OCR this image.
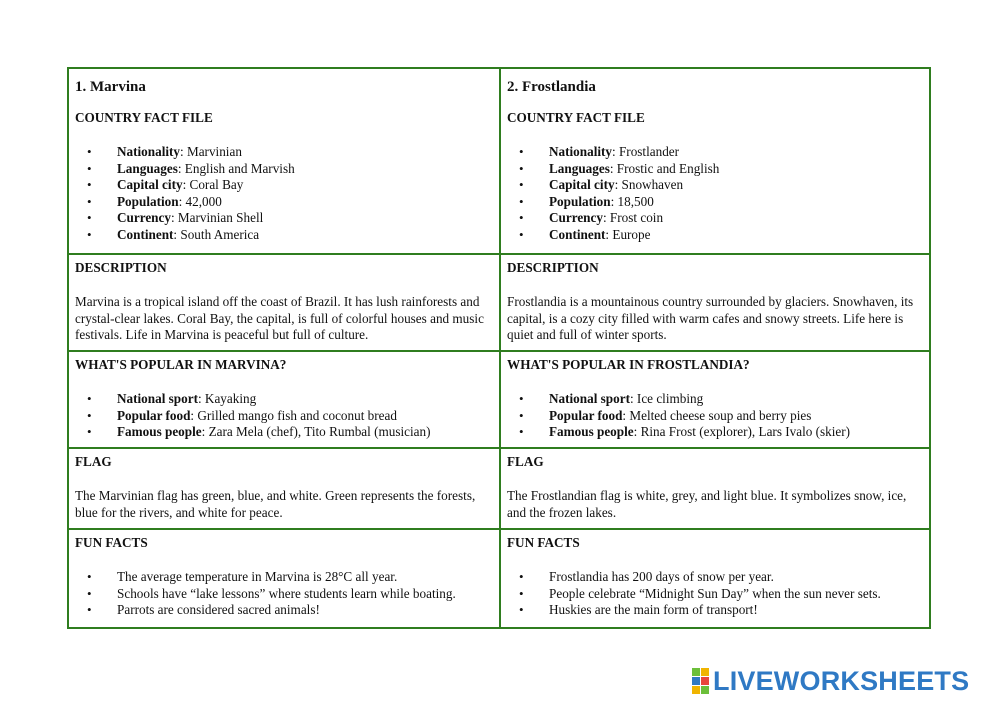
1. Marvina
COUNTRY FACT FILE
• Nationality: Marvinian
• Languages: English and Marvish
• Capital city: Coral Bay
• Population: 42,000
• Currency: Marvinian Shell
• Continent: South America
2. Frostlandia
COUNTRY FACT FILE
• Nationality: Frostlander
• Languages: Frostic and English
• Capital city: Snowhaven
• Population: 18,500
• Currency: Frost coin
• Continent: Europe
DESCRIPTION
Marvina is a tropical island off the coast of Brazil. It has lush rainforests and crystal-clear lakes. Coral Bay, the capital, is full of colorful houses and music festivals. Life in Marvina is peaceful but full of culture.
DESCRIPTION
Frostlandia is a mountainous country surrounded by glaciers. Snowhaven, its capital, is a cozy city filled with warm cafes and snowy streets. Life here is quiet and full of winter sports.
WHAT'S POPULAR IN MARVINA?
• National sport: Kayaking
• Popular food: Grilled mango fish and coconut bread
• Famous people: Zara Mela (chef), Tito Rumbal (musician)
WHAT'S POPULAR IN FROSTLANDIA?
• National sport: Ice climbing
• Popular food: Melted cheese soup and berry pies
• Famous people: Rina Frost (explorer), Lars Ivalo (skier)
FLAG
The Marvinian flag has green, blue, and white. Green represents the forests, blue for the rivers, and white for peace.
FLAG
The Frostlandian flag is white, grey, and light blue. It symbolizes snow, ice, and the frozen lakes.
FUN FACTS
• The average temperature in Marvina is 28°C all year.
• Schools have “lake lessons” where students learn while boating.
• Parrots are considered sacred animals!
FUN FACTS
• Frostlandia has 200 days of snow per year.
• People celebrate “Midnight Sun Day” when the sun never sets.
• Huskies are the main form of transport!
LIVEWORKSHEETS
